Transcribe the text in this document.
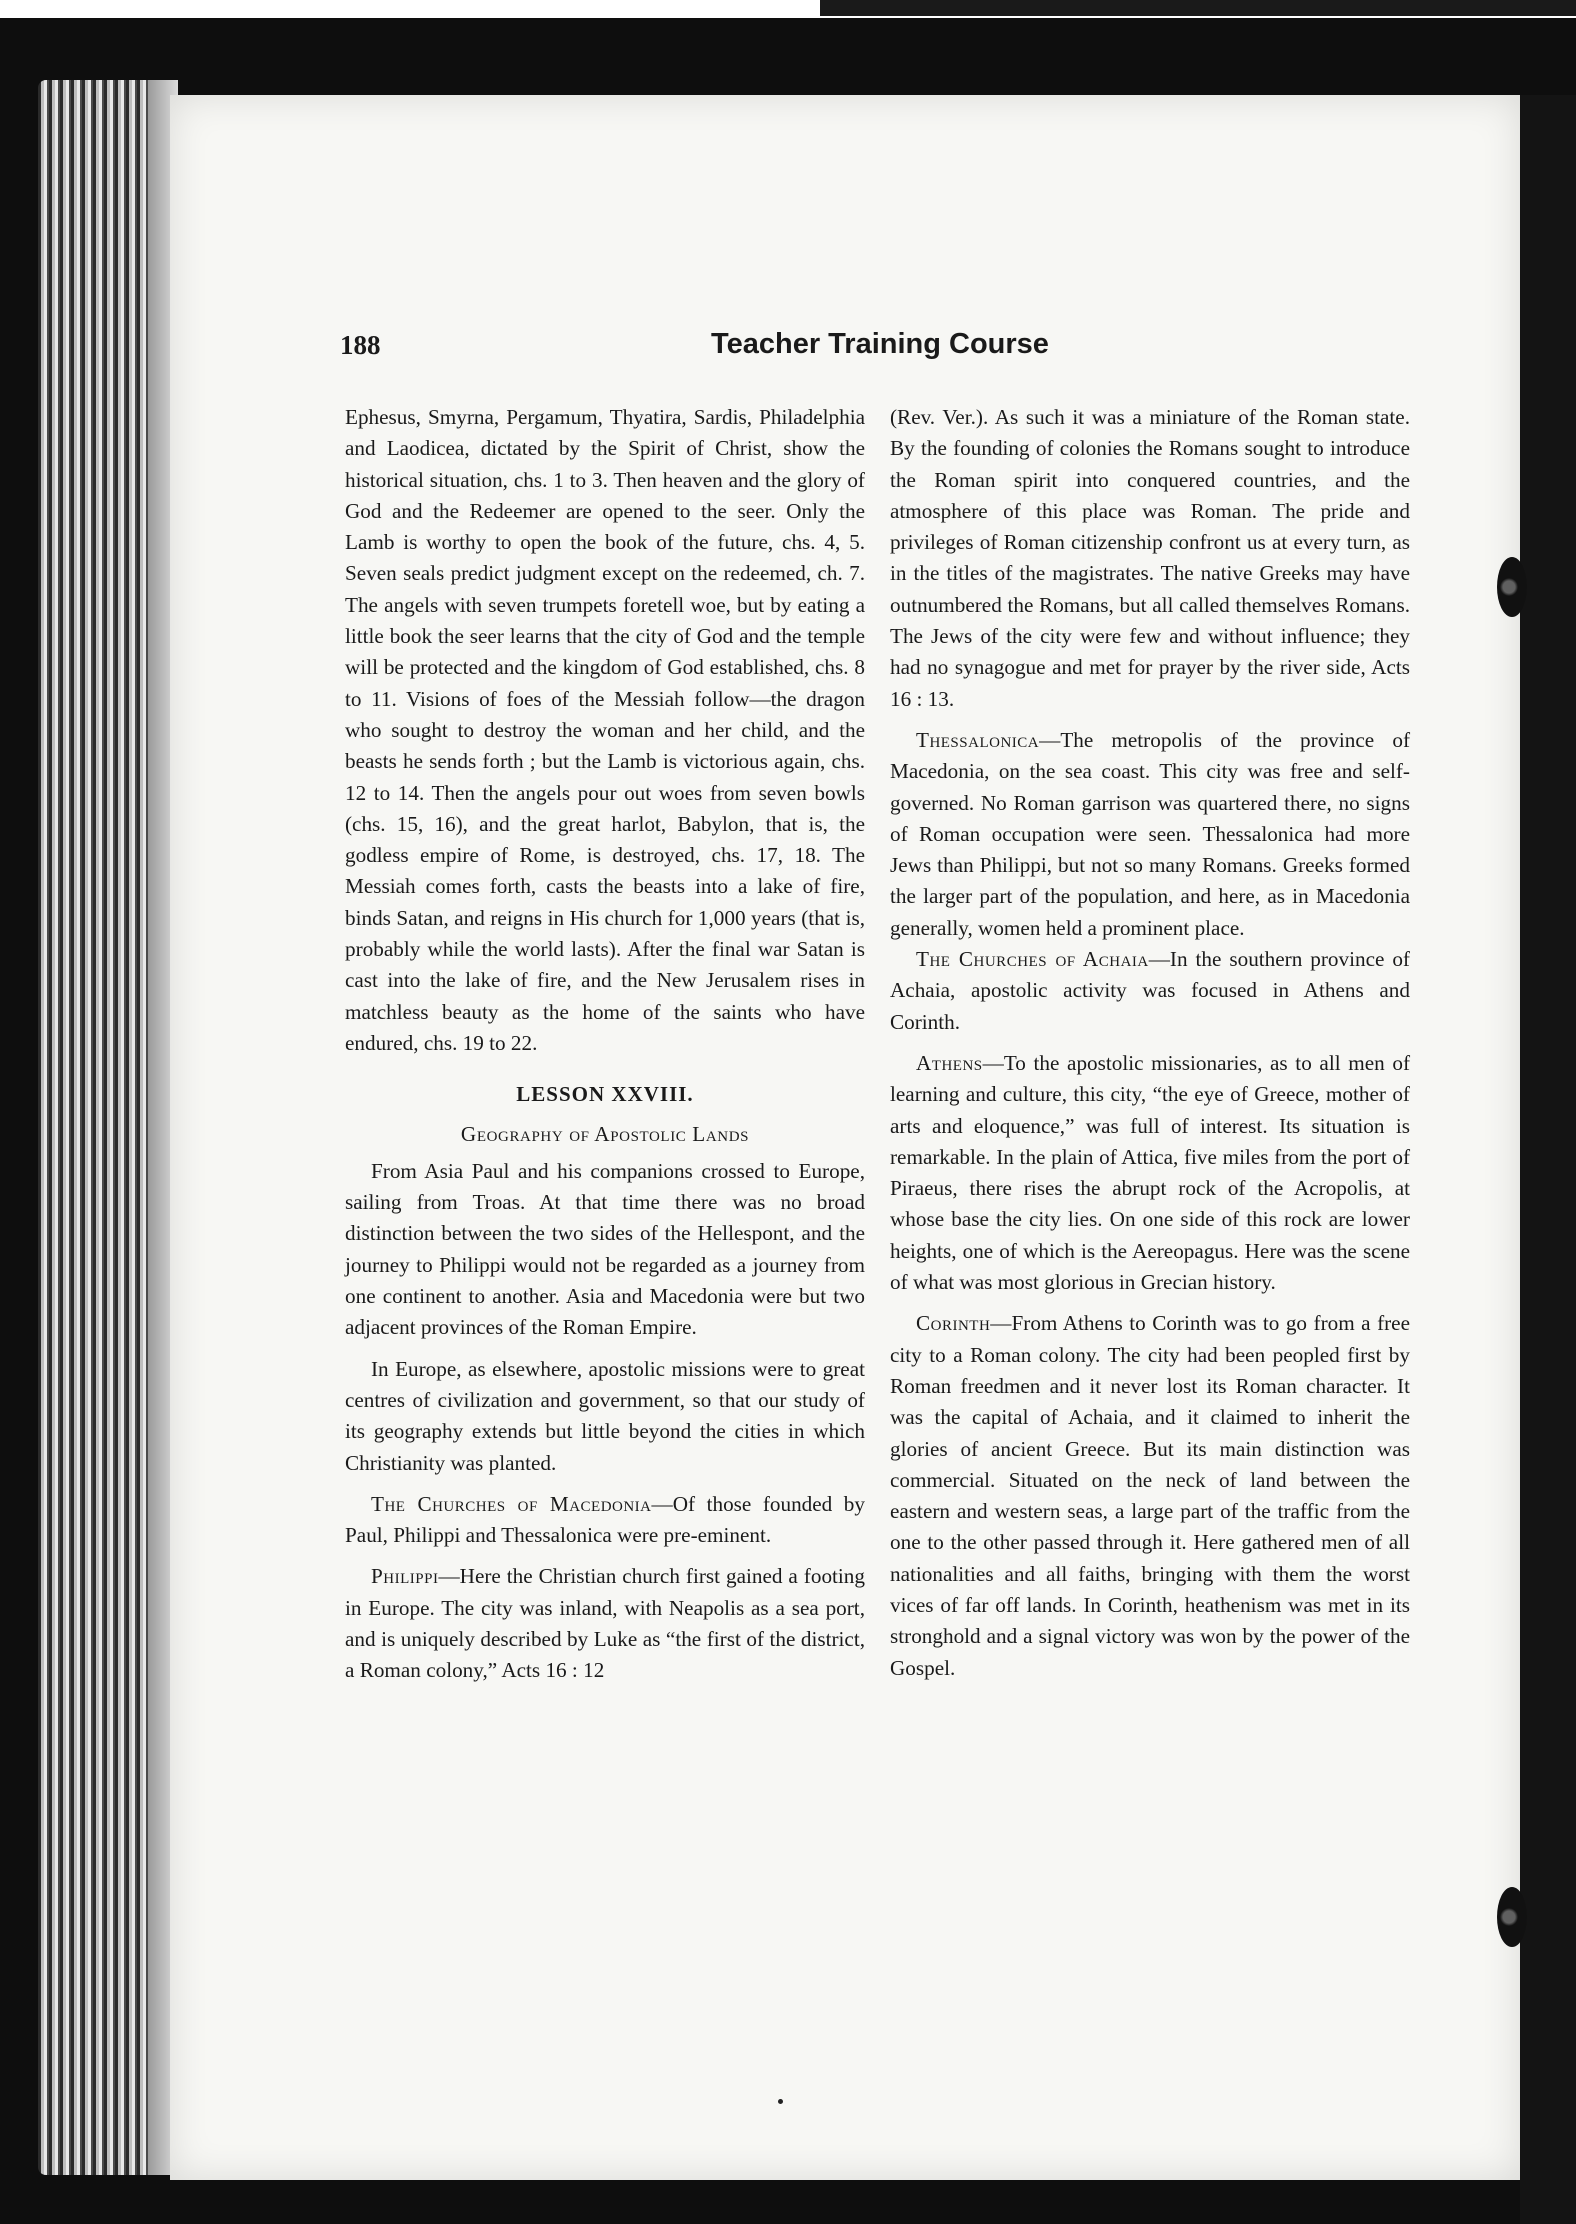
188	Teacher Training Course

Ephesus, Smyrna, Pergamum, Thyatira, Sardis, Philadelphia and Laodicea, dictated by the Spirit of Christ, show the historical situation, chs. 1 to 3. Then heaven and the glory of God and the Redeemer are opened to the seer. Only the Lamb is worthy to open the book of the future, chs. 4, 5. Seven seals predict judgment except on the redeemed, ch. 7. The angels with seven trumpets foretell woe, but by eating a little book the seer learns that the city of God and the temple will be protected and the kingdom of God established, chs. 8 to 11. Visions of foes of the Messiah follow—the dragon who sought to destroy the woman and her child, and the beasts he sends forth ; but the Lamb is victorious again, chs. 12 to 14. Then the angels pour out woes from seven bowls (chs. 15, 16), and the great harlot, Babylon, that is, the godless empire of Rome, is destroyed, chs. 17, 18. The Messiah comes forth, casts the beasts into a lake of fire, binds Satan, and reigns in His church for 1,000 years (that is, probably while the world lasts). After the final war Satan is cast into the lake of fire, and the New Jerusalem rises in matchless beauty as the home of the saints who have endured, chs. 19 to 22.

LESSON XXVIII.

Geography of Apostolic Lands

From Asia Paul and his companions crossed to Europe, sailing from Troas. At that time there was no broad distinction between the two sides of the Hellespont, and the journey to Philippi would not be regarded as a journey from one continent to another. Asia and Macedonia were but two adjacent provinces of the Roman Empire.

In Europe, as elsewhere, apostolic missions were to great centres of civilization and government, so that our study of its geography extends but little beyond the cities in which Christianity was planted.

The Churches of Macedonia—Of those founded by Paul, Philippi and Thessalonica were pre-eminent.

Philippi—Here the Christian church first gained a footing in Europe. The city was inland, with Neapolis as a sea port, and is uniquely described by Luke as “the first of the district, a Roman colony,” Acts 16 : 12

(Rev. Ver.). As such it was a miniature of the Roman state. By the founding of colonies the Romans sought to introduce the Roman spirit into conquered countries, and the atmosphere of this place was Roman. The pride and privileges of Roman citizenship confront us at every turn, as in the titles of the magistrates. The native Greeks may have outnumbered the Romans, but all called themselves Romans. The Jews of the city were few and without influence; they had no synagogue and met for prayer by the river side, Acts 16 : 13.

Thessalonica—The metropolis of the province of Macedonia, on the sea coast. This city was free and self-governed. No Roman garrison was quartered there, no signs of Roman occupation were seen. Thessalonica had more Jews than Philippi, but not so many Romans. Greeks formed the larger part of the population, and here, as in Macedonia generally, women held a prominent place.

The Churches of Achaia—In the southern province of Achaia, apostolic activity was focused in Athens and Corinth.

Athens—To the apostolic missionaries, as to all men of learning and culture, this city, “the eye of Greece, mother of arts and eloquence,” was full of interest. Its situation is remarkable. In the plain of Attica, five miles from the port of Piraeus, there rises the abrupt rock of the Acropolis, at whose base the city lies. On one side of this rock are lower heights, one of which is the Aereopagus. Here was the scene of what was most glorious in Grecian history.

Corinth—From Athens to Corinth was to go from a free city to a Roman colony. The city had been peopled first by Roman freedmen and it never lost its Roman character. It was the capital of Achaia, and it claimed to inherit the glories of ancient Greece. But its main distinction was commercial. Situated on the neck of land between the eastern and western seas, a large part of the traffic from the one to the other passed through it. Here gathered men of all nationalities and all faiths, bringing with them the worst vices of far off lands. In Corinth, heathenism was met in its stronghold and a signal victory was won by the power of the Gospel.
